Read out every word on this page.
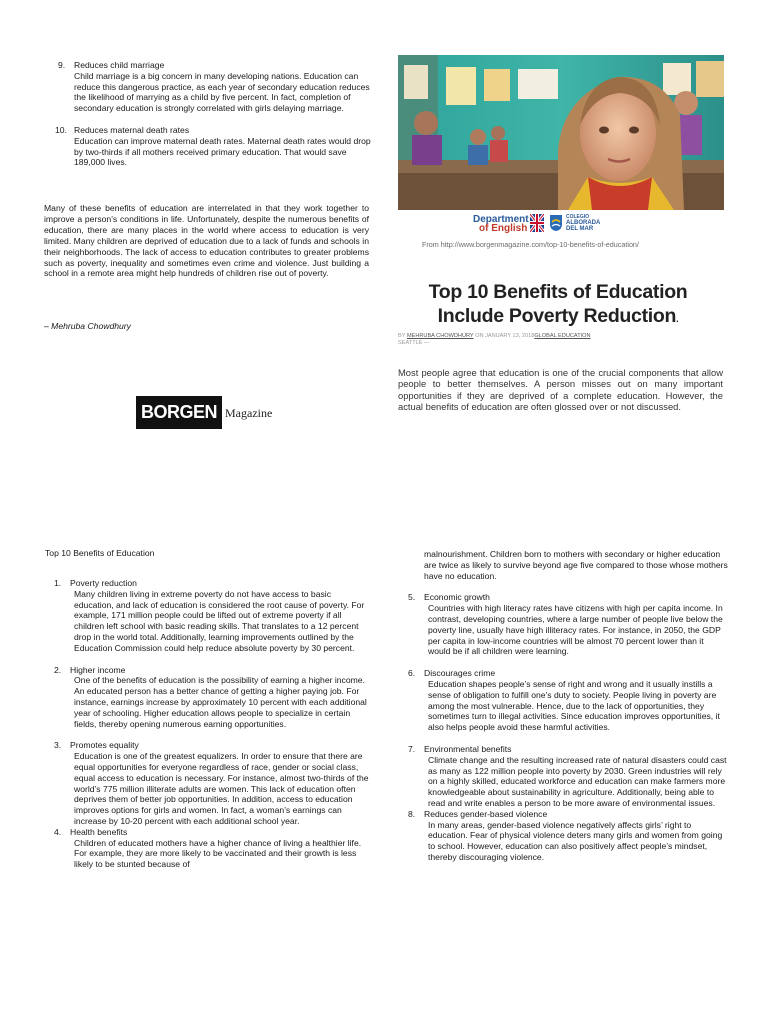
9.	Reduces child marriage
Child marriage is a big concern in many developing nations. Education can reduce this dangerous practice, as each year of secondary education reduces the likelihood of marrying as a child by five percent. In fact, completion of secondary education is strongly correlated with girls delaying marriage.
10. Reduces maternal death rates
Education can improve maternal death rates. Maternal death rates would drop by two-thirds if all mothers received primary education. That would save 189,000 lives.
Many of these benefits of education are interrelated in that they work together to improve a person’s conditions in life. Unfortunately, despite the numerous benefits of education, there are many places in the world where access to education is very limited. Many children are deprived of education due to a lack of funds and schools in their neighborhoods. The lack of access to education contributes to greater problems such as poverty, inequality and sometimes even crime and violence. Just building a school in a remote area might help hundreds of children rise out of poverty.
– Mehruba Chowdhury
BORGEN Magazine
Department
of English
COLEGIO
ALBORADA
DEL MAR
From http://www.borgenmagazine.com/top-10-benefits-of-education/
Top 10 Benefits of Education
Include Poverty Reduction.
BY MEHRUBA CHOWDHURY ON JANUARY 13, 2018GLOBAL EDUCATION
SEATTLE —
Most people agree that education is one of the crucial components that allow people to better themselves. A person misses out on many important opportunities if they are deprived of a complete education. However, the actual benefits of education are often glossed over or not discussed.
Top 10 Benefits of Education
1. Poverty reduction
Many children living in extreme poverty do not have access to basic education, and lack of education is considered the root cause of poverty. For example, 171 million people could be lifted out of extreme poverty if all children left school with basic reading skills. That translates to a 12 percent drop in the world total. Additionally, learning improvements outlined by the Education Commission could help reduce absolute poverty by 30 percent.
2. Higher income
One of the benefits of education is the possibility of earning a higher income. An educated person has a better chance of getting a higher paying job. For instance, earnings increase by approximately 10 percent with each additional year of schooling. Higher education allows people to specialize in certain fields, thereby opening numerous earning opportunities.
3. Promotes equality
Education is one of the greatest equalizers. In order to ensure that there are equal opportunities for everyone regardless of race, gender or social class, equal access to education is necessary. For instance, almost two-thirds of the world’s 775 million illiterate adults are women. This lack of education often deprives them of better job opportunities. In addition, access to education improves options for girls and women. In fact, a woman’s earnings can increase by 10-20 percent with each additional school year.
4. Health benefits
Children of educated mothers have a higher chance of living a healthier life. For example, they are more likely to be vaccinated and their growth is less likely to be stunted because of
malnourishment. Children born to mothers with secondary or higher education are twice as likely to survive beyond age five compared to those whose mothers have no education.
5. Economic growth
Countries with high literacy rates have citizens with high per capita income. In contrast, developing countries, where a large number of people live below the poverty line, usually have high illiteracy rates. For instance, in 2050, the GDP per capita in low-income countries will be almost 70 percent lower than it would be if all children were learning.
6. Discourages crime
Education shapes people’s sense of right and wrong and it usually instills a sense of obligation to fulfill one’s duty to society. People living in poverty are among the most vulnerable. Hence, due to the lack of opportunities, they sometimes turn to illegal activities. Since education improves opportunities, it also helps people avoid these harmful activities.
7. Environmental benefits
Climate change and the resulting increased rate of natural disasters could cast as many as 122 million people into poverty by 2030. Green industries will rely on a highly skilled, educated workforce and education can make farmers more knowledgeable about sustainability in agriculture. Additionally, being able to read and write enables a person to be more aware of environmental issues.
8. Reduces gender-based violence
In many areas, gender-based violence negatively affects girls’ right to education. Fear of physical violence deters many girls and women from going to school. However, education can also positively affect people’s mindset, thereby discouraging violence.
